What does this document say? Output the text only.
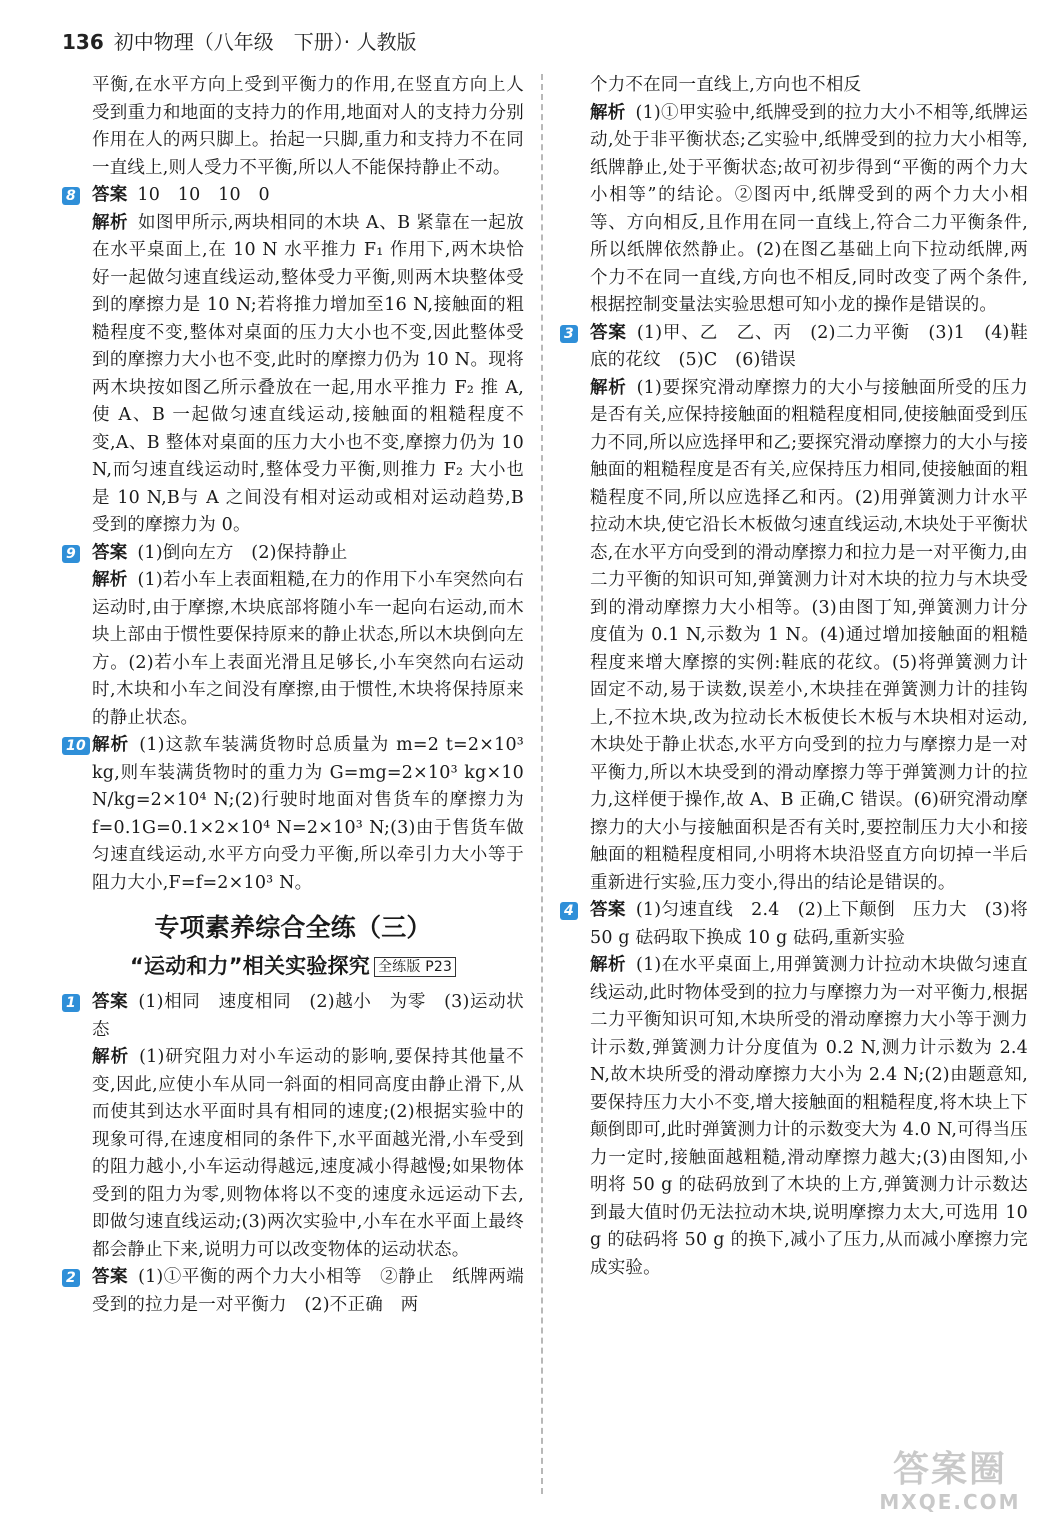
136 初中物理（八年级　下册）· 人教版

平衡,在水平方向上受到平衡力的作用,在竖直方向上人受到重力和地面的支持力的作用,地面对人的支持力分别作用在人的两只脚上。抬起一只脚,重力和支持力不在同一直线上,则人受力不平衡,所以人不能保持静止不动。

8 答案 10　10　10　0
解析 如图甲所示,两块相同的木块 A、B 紧靠在一起放在水平桌面上,在 10 N 水平推力 F₁ 作用下,两木块恰好一起做匀速直线运动,整体受力平衡,则两木块整体受到的摩擦力是 10 N;若将推力增加至16 N,接触面的粗糙程度不变,整体对桌面的压力大小也不变,因此整体受到的摩擦力大小也不变,此时的摩擦力仍为 10 N。现将两木块按如图乙所示叠放在一起,用水平推力 F₂ 推 A,使 A、B 一起做匀速直线运动,接触面的粗糙程度不变,A、B 整体对桌面的压力大小也不变,摩擦力仍为 10 N,而匀速直线运动时,整体受力平衡,则推力 F₂ 大小也是 10 N,B与 A 之间没有相对运动或相对运动趋势,B 受到的摩擦力为 0。
9 答案 (1)倒向左方　(2)保持静止
解析 (1)若小车上表面粗糙,在力的作用下小车突然向右运动时,由于摩擦,木块底部将随小车一起向右运动,而木块上部由于惯性要保持原来的静止状态,所以木块倒向左方。(2)若小车上表面光滑且足够长,小车突然向右运动时,木块和小车之间没有摩擦,由于惯性,木块将保持原来的静止状态。
10 解析 (1)这款车装满货物时总质量为 m=2 t=2×10³ kg,则车装满货物时的重力为 G=mg=2×10³ kg×10 N/kg=2×10⁴ N;(2)行驶时地面对售货车的摩擦力为 f=0.1G=0.1×2×10⁴ N=2×10³ N;(3)由于售货车做匀速直线运动,水平方向受力平衡,所以牵引力大小等于阻力大小,F=f=2×10³ N。
专项素养综合全练（三）
“运动和力”相关实验探究 全练版 P23
1 答案 (1)相同　速度相同　(2)越小　为零　(3)运动状态
解析 (1)研究阻力对小车运动的影响,要保持其他量不变,因此,应使小车从同一斜面的相同高度由静止滑下,从而使其到达水平面时具有相同的速度;(2)根据实验中的现象可得,在速度相同的条件下,水平面越光滑,小车受到的阻力越小,小车运动得越远,速度减小得越慢;如果物体受到的阻力为零,则物体将以不变的速度永远运动下去,即做匀速直线运动;(3)两次实验中,小车在水平面上最终都会静止下来,说明力可以改变物体的运动状态。
2 答案 (1)①平衡的两个力大小相等　②静止　纸牌两端受到的拉力是一对平衡力　(2)不正确　两
个力不在同一直线上,方向也不相反
解析 (1)①甲实验中,纸牌受到的拉力大小不相等,纸牌运动,处于非平衡状态;乙实验中,纸牌受到的拉力大小相等,纸牌静止,处于平衡状态;故可初步得到“平衡的两个力大小相等”的结论。②图丙中,纸牌受到的两个力大小相等、方向相反,且作用在同一直线上,符合二力平衡条件,所以纸牌依然静止。(2)在图乙基础上向下拉动纸牌,两个力不在同一直线,方向也不相反,同时改变了两个条件,根据控制变量法实验思想可知小龙的操作是错误的。
3 答案 (1)甲、乙　乙、丙　(2)二力平衡　(3)1　(4)鞋底的花纹　(5)C　(6)错误
解析 (1)要探究滑动摩擦力的大小与接触面所受的压力是否有关,应保持接触面的粗糙程度相同,使接触面受到压力不同,所以应选择甲和乙;要探究滑动摩擦力的大小与接触面的粗糙程度是否有关,应保持压力相同,使接触面的粗糙程度不同,所以应选择乙和丙。(2)用弹簧测力计水平拉动木块,使它沿长木板做匀速直线运动,木块处于平衡状态,在水平方向受到的滑动摩擦力和拉力是一对平衡力,由二力平衡的知识可知,弹簧测力计对木块的拉力与木块受到的滑动摩擦力大小相等。(3)由图丁知,弹簧测力计分度值为 0.1 N,示数为 1 N。(4)通过增加接触面的粗糙程度来增大摩擦的实例:鞋底的花纹。(5)将弹簧测力计固定不动,易于读数,误差小,木块挂在弹簧测力计的挂钩上,不拉木块,改为拉动长木板使长木板与木块相对运动,木块处于静止状态,水平方向受到的拉力与摩擦力是一对平衡力,所以木块受到的滑动摩擦力等于弹簧测力计的拉力,这样便于操作,故 A、B 正确,C 错误。(6)研究滑动摩擦力的大小与接触面积是否有关时,要控制压力大小和接触面的粗糙程度相同,小明将木块沿竖直方向切掉一半后重新进行实验,压力变小,得出的结论是错误的。
4 答案 (1)匀速直线　2.4　(2)上下颠倒　压力大　(3)将 50 g 砝码取下换成 10 g 砝码,重新实验
解析 (1)在水平桌面上,用弹簧测力计拉动木块做匀速直线运动,此时物体受到的拉力与摩擦力为一对平衡力,根据二力平衡知识可知,木块所受的滑动摩擦力大小等于测力计示数,弹簧测力计分度值为 0.2 N,测力计示数为 2.4 N,故木块所受的滑动摩擦力大小为 2.4 N;(2)由题意知,要保持压力大小不变,增大接触面的粗糙程度,将木块上下颠倒即可,此时弹簧测力计的示数变大为 4.0 N,可得当压力一定时,接触面越粗糙,滑动摩擦力越大;(3)由图知,小明将 50 g 的砝码放到了木块的上方,弹簧测力计示数达到最大值时仍无法拉动木块,说明摩擦力太大,可选用 10 g 的砝码将 50 g 的换下,减小了压力,从而减小摩擦力完成实验。
答案圈
MXQE.COM
